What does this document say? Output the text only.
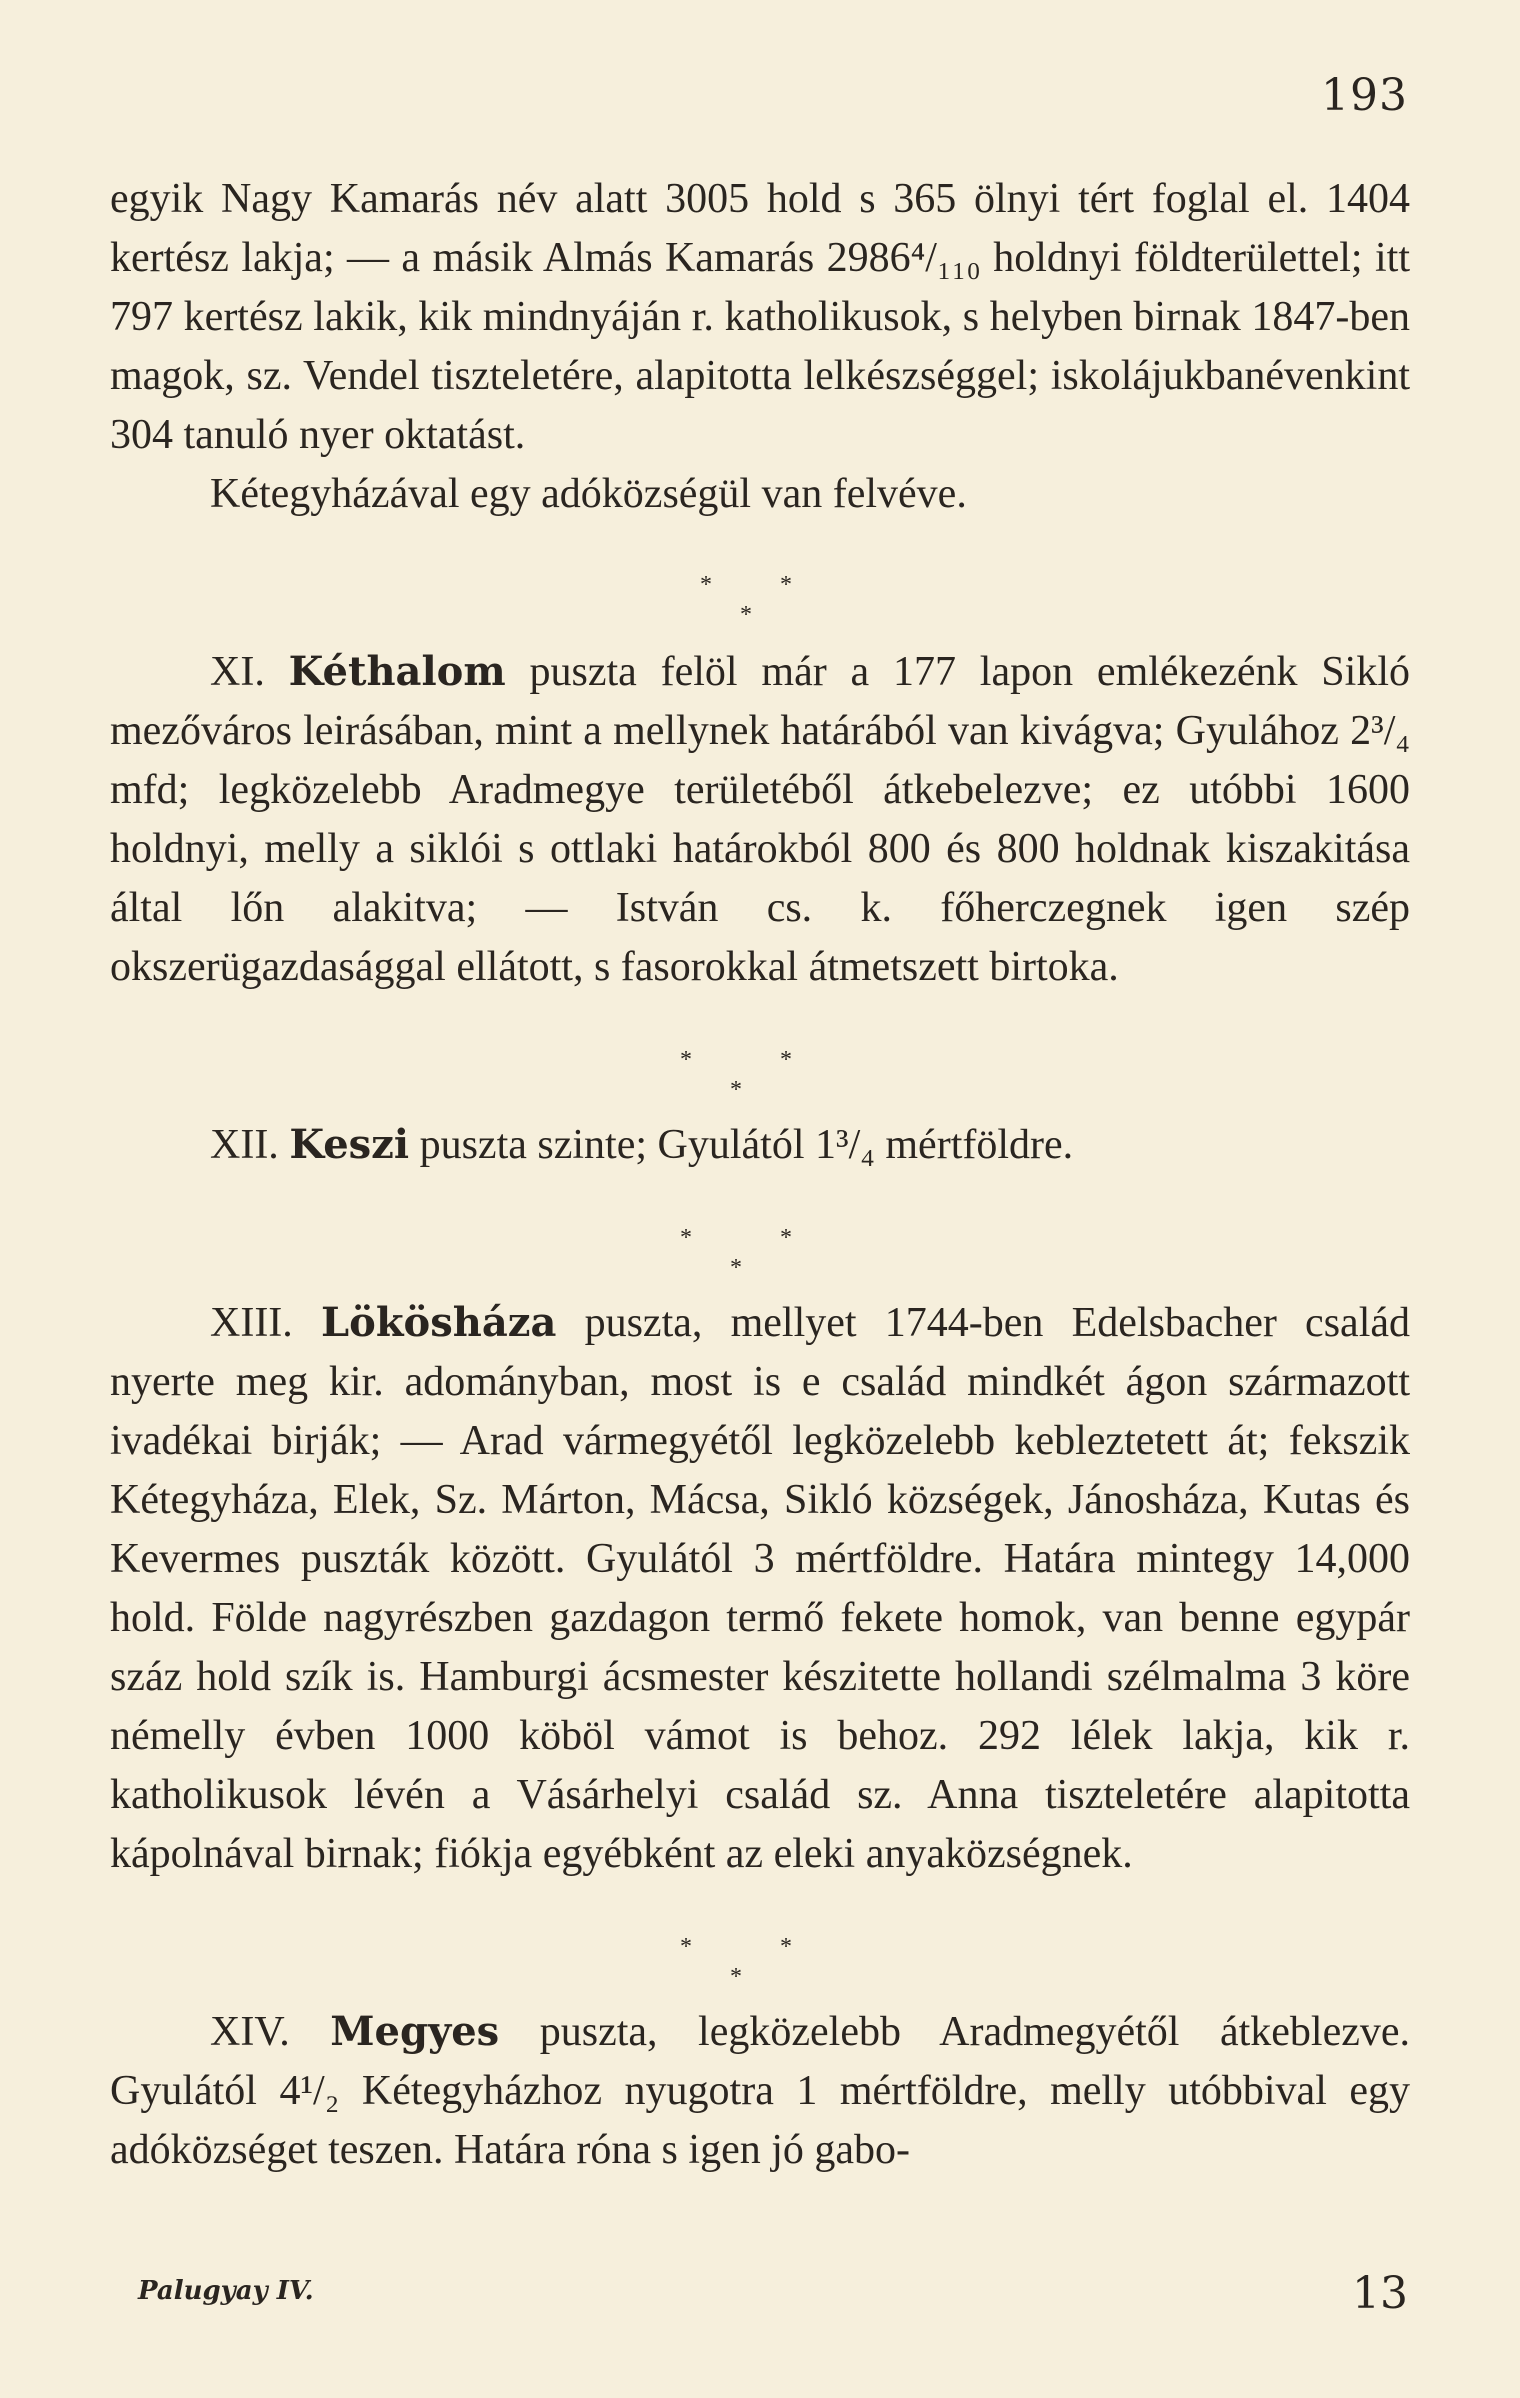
193

egyik Nagy Kamarás név alatt 3005 hold s 365 ölnyi tért foglal el. 1404 kertész lakja; — a másik Almás Kamarás 2986⁴/₁₁₀ holdnyi földterülettel; itt 797 kertész lakik, kik mindnyáján r. katholikusok, s helyben birnak 1847-ben magok, sz. Vendel tiszteletére, alapitotta lelkészséggel; iskolájukbanévenkint 304 tanuló nyer oktatást.

Kétegyházával egy adóközségül van felvéve.

*	*
*

XI. Kéthalom puszta felöl már a 177 lapon emlékezénk Sikló mezőváros leirásában, mint a mellynek határából van kivágva; Gyulához 2³/₄ mfd; legközelebb Aradmegye területéből átkebelezve; ez utóbbi 1600 holdnyi, melly a siklói s ottlaki határokból 800 és 800 holdnak kiszakitása által lőn alakitva; — István cs. k. főherczegnek igen szép okszerügazdasággal ellátott, s fasorokkal átmetszett birtoka.

*	*
*

XII. Keszi puszta szinte; Gyulától 1³/₄ mértföldre.

*	*
*

XIII. Lökösháza puszta, mellyet 1744-ben Edelsbacher család nyerte meg kir. adományban, most is e család mindkét ágon származott ivadékai birják; — Arad vármegyétől legközelebb kebleztetett át; fekszik Kétegyháza, Elek, Sz. Márton, Mácsa, Sikló községek, Jánosháza, Kutas és Kevermes puszták között. Gyulától 3 mértföldre. Határa mintegy 14,000 hold. Földe nagyrészben gazdagon termő fekete homok, van benne egypár száz hold szík is. Hamburgi ácsmester készitette hollandi szélmalma 3 köre némelly évben 1000 köböl vámot is behoz. 292 lélek lakja, kik r. katholikusok lévén a Vásárhelyi család sz. Anna tiszteletére alapitotta kápolnával birnak; fiókja egyébként az eleki anyaközségnek.

*	*
*

XIV. Megyes puszta, legközelebb Aradmegyétől átkeblezve. Gyulától 4¹/₂ Kétegyházhoz nyugotra 1 mértföldre, melly utóbbival egy adóközséget teszen. Határa róna s igen jó gabo-

Palugyay IV.	13
